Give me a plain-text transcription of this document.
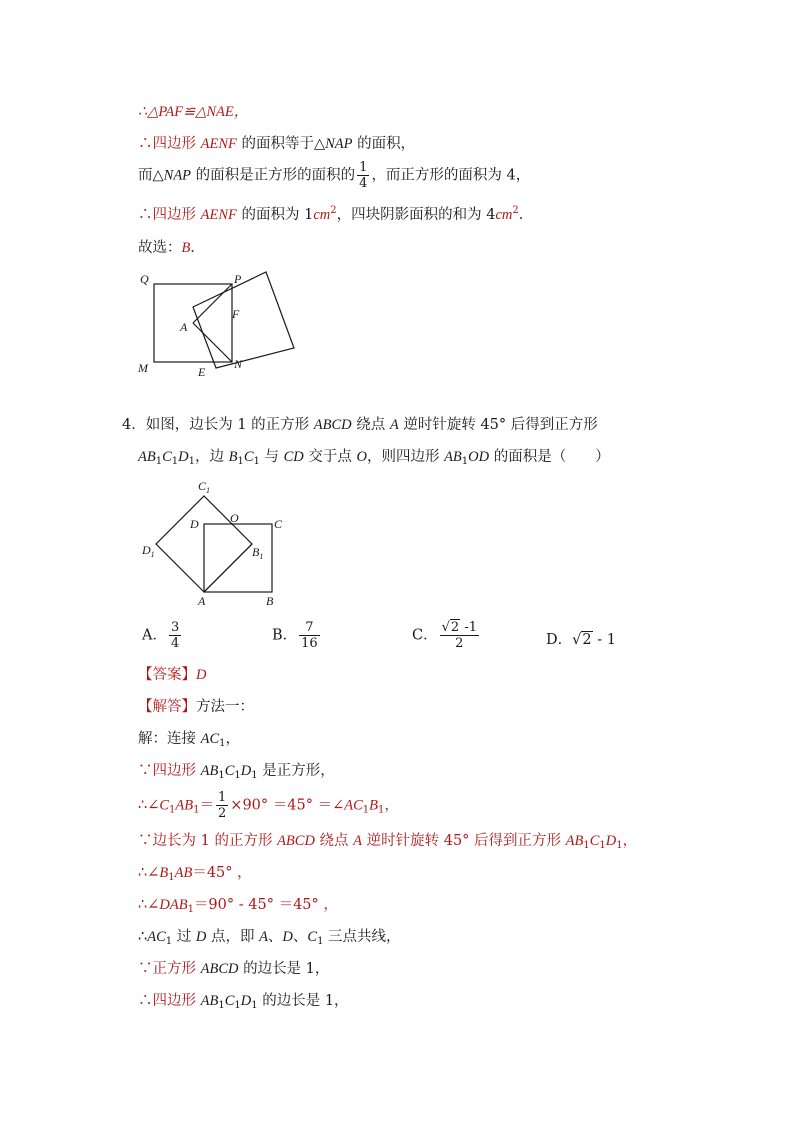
∴△PAF≌△NAE，
∴四边形 AENF 的面积等于△NAP 的面积，
而△NAP 的面积是正方形的面积的 $\frac{1}{4}$ ，而正方形的面积为 4，
∴四边形 AENF 的面积为 $1cm^2$，四块阴影面积的和为 $4cm^2$．
故选：B．
Q	P
A
F
M	E
N
4．如图，边长为 1 的正方形 ABCD 绕点 A 逆时针旋转 45° 后得到正方形
$AB_1C_1D_1$，边 $B_1C_1$ 与 CD 交于点 O，则四边形 $AB_1OD$ 的面积是（　　）
$C_1$
D	O	C
$D_1$	$B_1$
A	B
A． $\frac{3}{4}$	B． $\frac{7}{16}$	C． $\frac{√2 -1}{2}$	D．√2 - 1
【答案】D
【解答】方法一：
解：连接 $AC_1$，
∵四边形 $AB_1C_1D_1$ 是正方形，
$\therefore\angle C_1AB_1= \frac{1}{2} \times 90^\circ =45^\circ$ $=\angle AC_1B_1$，
∵边长为 1 的正方形 ABCD 绕点 A 逆时针旋转 45° 后得到正方形 $AB_1C_1D_1$，
$\therefore\angle B_1AB=45^\circ$ ，
$\therefore\angle DAB_1=90^\circ - 45^\circ =45^\circ$ ，
$\therefore AC_1$ 过 D 点，即 A、D、$C_1$ 三点共线，
∵正方形 ABCD 的边长是 1，
∴四边形 $AB_1C_1D_1$ 的边长是 1，
